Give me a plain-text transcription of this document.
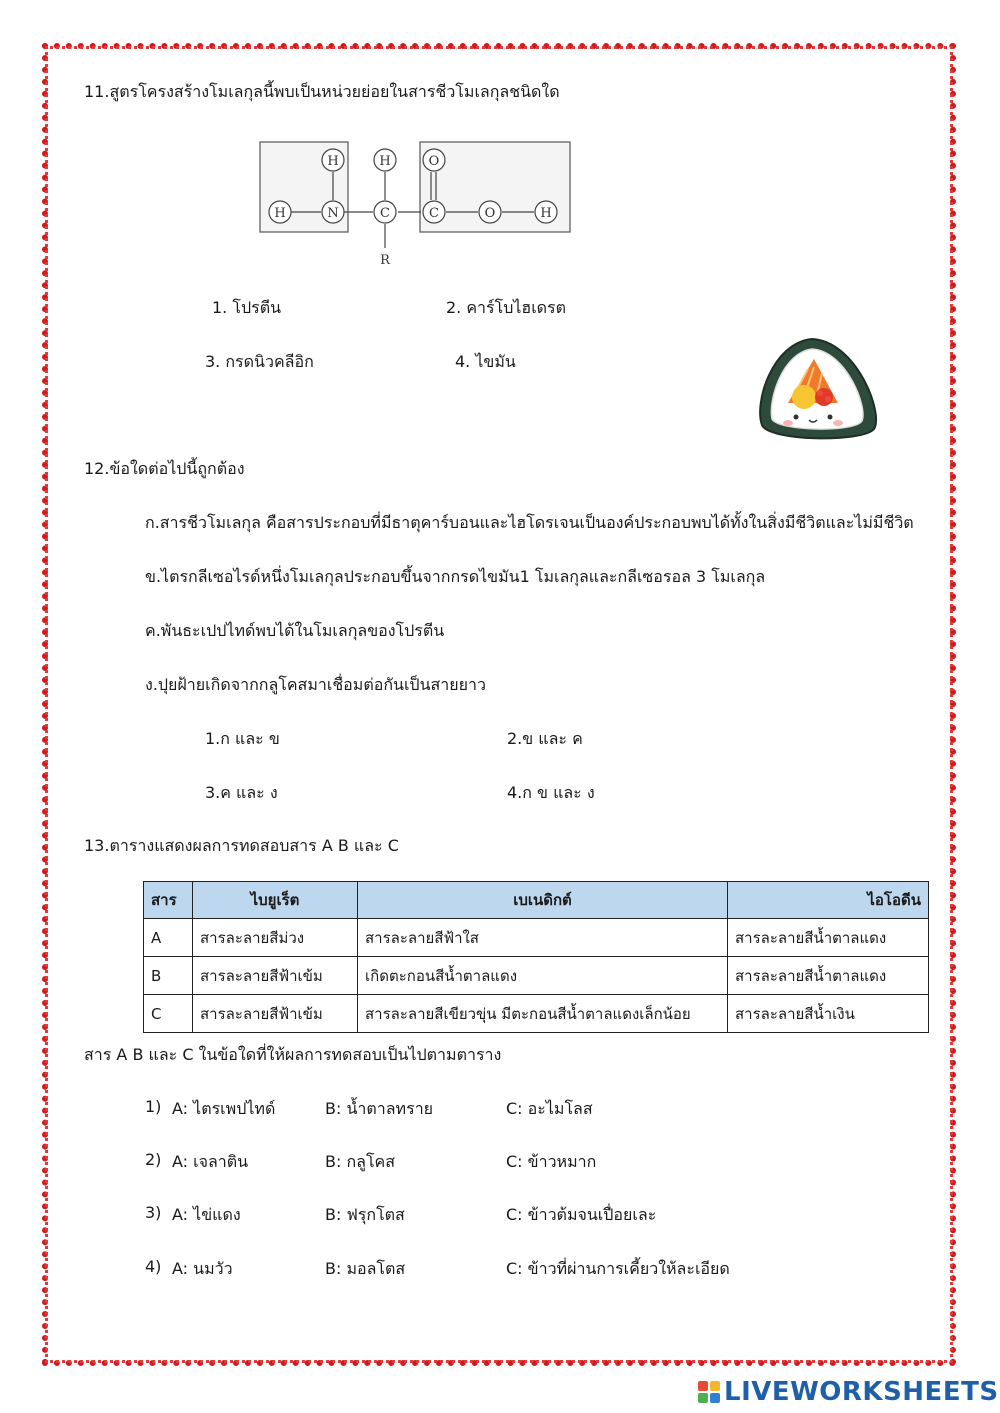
11.สูตรโครงสร้างโมเลกุลนี้พบเป็นหน่วยย่อยในสารชีวโมเลกุลชนิดใด
H	N	C	C	O	H
H	H	O
R
1. โปรตีน	2. คาร์โบไฮเดรต
3. กรดนิวคลีอิก	4. ไขมัน
12.ข้อใดต่อไปนี้ถูกต้อง
ก.สารชีวโมเลกุล คือสารประกอบที่มีธาตุคาร์บอนและไฮโดรเจนเป็นองค์ประกอบพบได้ทั้งในสิ่งมีชีวิตและไม่มีชีวิต
ข.ไตรกลีเซอไรด์หนึ่งโมเลกุลประกอบขึ้นจากกรดไขมัน1 โมเลกุลและกลีเซอรอล 3 โมเลกุล
ค.พันธะเปปไทด์พบได้ในโมเลกุลของโปรตีน
ง.ปุยฝ้ายเกิดจากกลูโคสมาเชื่อมต่อกันเป็นสายยาว
1.ก และ ข	2.ข และ ค
3.ค และ ง	4.ก ข และ ง
13.ตารางแสดงผลการทดสอบสาร A B และ C
สาร	ไบยูเร็ต	เบเนดิกต์	ไอโอดีน
A	สารละลายสีม่วง	สารละลายสีฟ้าใส	สารละลายสีน้ำตาลแดง
B	สารละลายสีฟ้าเข้ม	เกิดตะกอนสีน้ำตาลแดง	สารละลายสีน้ำตาลแดง
C	สารละลายสีฟ้าเข้ม	สารละลายสีเขียวขุ่น มีตะกอนสีน้ำตาลแดงเล็กน้อย	สารละลายสีน้ำเงิน
สาร A B และ C ในข้อใดที่ให้ผลการทดสอบเป็นไปตามตาราง
1) A: ไตรเพปไทด์	B: น้ำตาลทราย	C: อะไมโลส
2) A: เจลาติน	B: กลูโคส	C: ข้าวหมาก
3) A: ไข่แดง	B: ฟรุกโตส	C: ข้าวต้มจนเปื่อยเละ
4) A: นมวัว	B: มอลโตส	C: ข้าวที่ผ่านการเคี้ยวให้ละเอียด
LIVEWORKSHEETS
